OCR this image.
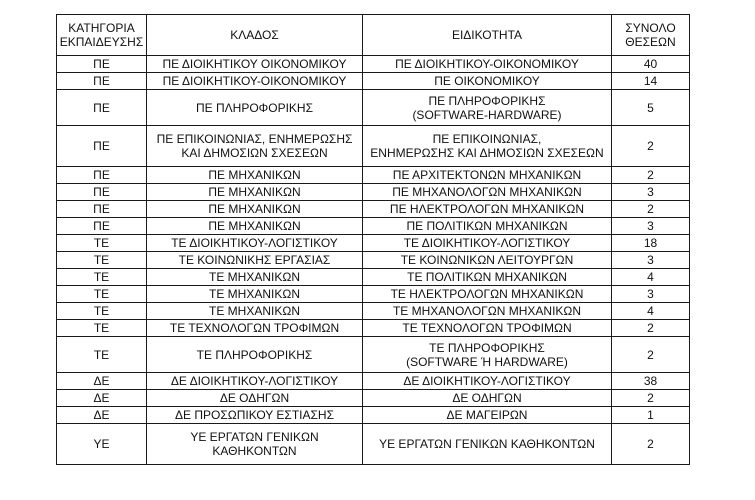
ΚΑΤΗΓΟΡΙΑ
ΕΚΠΑΙΔΕΥΣΗΣ	ΚΛΑΔΟΣ	ΕΙΔΙΚΟΤΗΤΑ	ΣΥΝΟΛΟ
ΘΕΣΕΩΝ

ΠΕ	ΠΕ ΔΙΟΙΚΗΤΙΚΟΥ ΟΙΚΟΝΟΜΙΚΟΥ	ΠΕ ΔΙΟΙΚΗΤΙΚΟΥ-ΟΙΚΟΝΟΜΙΚΟΥ	40

ΠΕ	ΠΕ ΔΙΟΙΚΗΤΙΚΟΥ-ΟΙΚΟΝΟΜΙΚΟΥ	ΠΕ ΟΙΚΟΝΟΜΙΚΟΥ	14

ΠΕ	ΠΕ ΠΛΗΡΟΦΟΡΙΚΗΣ	ΠΕ ΠΛΗΡΟΦΟΡΙΚΗΣ
(SOFTWARE-HARDWARE)	5

ΠΕ	ΠΕ ΕΠΙΚΟΙΝΩΝΙΑΣ, ΕΝΗΜΕΡΩΣΗΣ
ΚΑΙ ΔΗΜΟΣΙΩΝ ΣΧΕΣΕΩΝ	ΠΕ ΕΠΙΚΟΙΝΩΝΙΑΣ,
ΕΝΗΜΕΡΩΣΗΣ ΚΑΙ ΔΗΜΟΣΙΩΝ ΣΧΕΣΕΩΝ	2

ΠΕ	ΠΕ ΜΗΧΑΝΙΚΩΝ	ΠΕ ΑΡΧΙΤΕΚΤΟΝΩΝ ΜΗΧΑΝΙΚΩΝ	2

ΠΕ	ΠΕ ΜΗΧΑΝΙΚΩΝ	ΠΕ ΜΗΧΑΝΟΛΟΓΩΝ ΜΗΧΑΝΙΚΩΝ	3

ΠΕ	ΠΕ ΜΗΧΑΝΙΚΩΝ	ΠΕ ΗΛΕΚΤΡΟΛΟΓΩΝ ΜΗΧΑΝΙΚΩΝ	2

ΠΕ	ΠΕ ΜΗΧΑΝΙΚΩΝ	ΠΕ ΠΟΛΙΤΙΚΩΝ ΜΗΧΑΝΙΚΩΝ	3

ΤΕ	ΤΕ ΔΙΟΙΚΗΤΙΚΟΥ-ΛΟΓΙΣΤΙΚΟΥ	ΤΕ ΔΙΟΙΚΗΤΙΚΟΥ-ΛΟΓΙΣΤΙΚΟΥ	18

ΤΕ	ΤΕ ΚΟΙΝΩΝΙΚΗΣ ΕΡΓΑΣΙΑΣ	ΤΕ ΚΟΙΝΩΝΙΚΩΝ ΛΕΙΤΟΥΡΓΩΝ	3

ΤΕ	ΤΕ ΜΗΧΑΝΙΚΩΝ	ΤΕ ΠΟΛΙΤΙΚΩΝ ΜΗΧΑΝΙΚΩΝ	4

ΤΕ	ΤΕ ΜΗΧΑΝΙΚΩΝ	ΤΕ ΗΛΕΚΤΡΟΛΟΓΩΝ ΜΗΧΑΝΙΚΩΝ	3

ΤΕ	ΤΕ ΜΗΧΑΝΙΚΩΝ	ΤΕ ΜΗΧΑΝΟΛΟΓΩΝ ΜΗΧΑΝΙΚΩΝ	4

ΤΕ	ΤΕ ΤΕΧΝΟΛΟΓΩΝ ΤΡΟΦΙΜΩΝ	ΤΕ ΤΕΧΝΟΛΟΓΩΝ ΤΡΟΦΙΜΩΝ	2

ΤΕ	ΤΕ ΠΛΗΡΟΦΟΡΙΚΗΣ	ΤΕ ΠΛΗΡΟΦΟΡΙΚΗΣ
(SOFTWARE Ή HARDWARE)	2

ΔΕ	ΔΕ ΔΙΟΙΚΗΤΙΚΟΥ-ΛΟΓΙΣΤΙΚΟΥ	ΔΕ ΔΙΟΙΚΗΤΙΚΟΥ-ΛΟΓΙΣΤΙΚΟΥ	38

ΔΕ	ΔΕ ΟΔΗΓΩΝ	ΔΕ ΟΔΗΓΩΝ	2

ΔΕ	ΔΕ ΠΡΟΣΩΠΙΚΟΥ ΕΣΤΙΑΣΗΣ	ΔΕ ΜΑΓΕΙΡΩΝ	1

ΥΕ	ΥΕ ΕΡΓΑΤΩΝ ΓΕΝΙΚΩΝ
ΚΑΘΗΚΟΝΤΩΝ	ΥΕ ΕΡΓΑΤΩΝ ΓΕΝΙΚΩΝ ΚΑΘΗΚΟΝΤΩΝ	2
